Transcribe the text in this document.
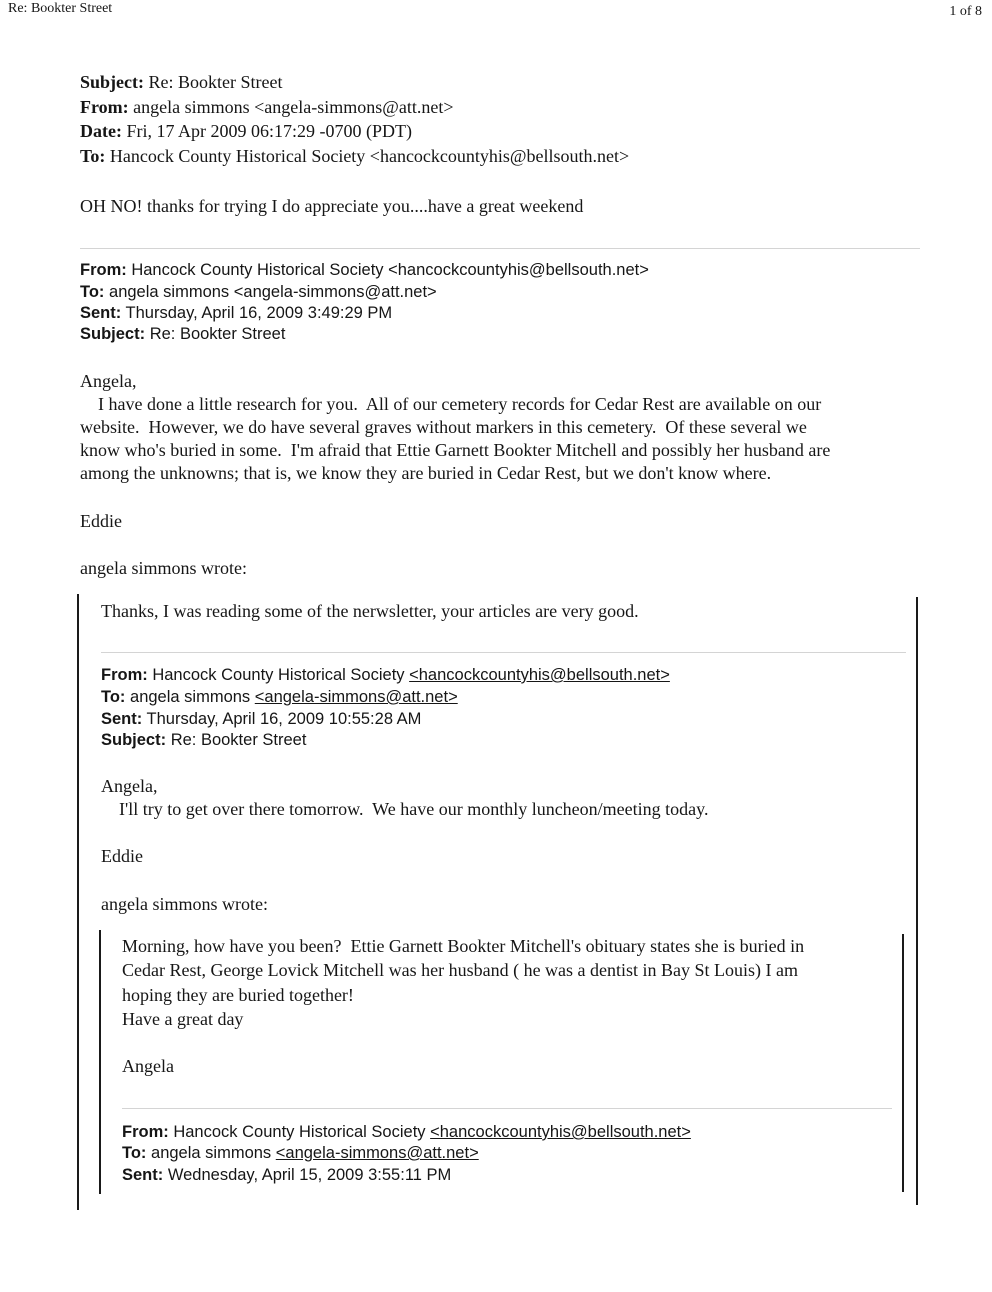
Re: Bookter Street	1 of 8
Subject: Re: Bookter Street
From: angela simmons <angela-simmons@att.net>
Date: Fri, 17 Apr 2009 06:17:29 -0700 (PDT)
To: Hancock County Historical Society <hancockcountyhis@bellsouth.net>
OH NO! thanks for trying I do appreciate you....have a great weekend
From: Hancock County Historical Society <hancockcountyhis@bellsouth.net>
To: angela simmons <angela-simmons@att.net>
Sent: Thursday, April 16, 2009 3:49:29 PM
Subject: Re: Bookter Street
Angela,
I have done a little research for you.  All of our cemetery records for Cedar Rest are available on our
website.  However, we do have several graves without markers in this cemetery.  Of these several we
know who's buried in some.  I'm afraid that Ettie Garnett Bookter Mitchell and possibly her husband are
among the unknowns; that is, we know they are buried in Cedar Rest, but we don't know where.
Eddie
angela simmons wrote:
Thanks, I was reading some of the nerwsletter, your articles are very good.
From: Hancock County Historical Society <hancockcountyhis@bellsouth.net>
To: angela simmons <angela-simmons@att.net>
Sent: Thursday, April 16, 2009 10:55:28 AM
Subject: Re: Bookter Street
Angela,
I'll try to get over there tomorrow.  We have our monthly luncheon/meeting today.
Eddie
angela simmons wrote:
Morning, how have you been?  Ettie Garnett Bookter Mitchell's obituary states she is buried in
Cedar Rest, George Lovick Mitchell was her husband ( he was a dentist in Bay St Louis) I am
hoping they are buried together!
Have a great day
Angela
From: Hancock County Historical Society <hancockcountyhis@bellsouth.net>
To: angela simmons <angela-simmons@att.net>
Sent: Wednesday, April 15, 2009 3:55:11 PM
